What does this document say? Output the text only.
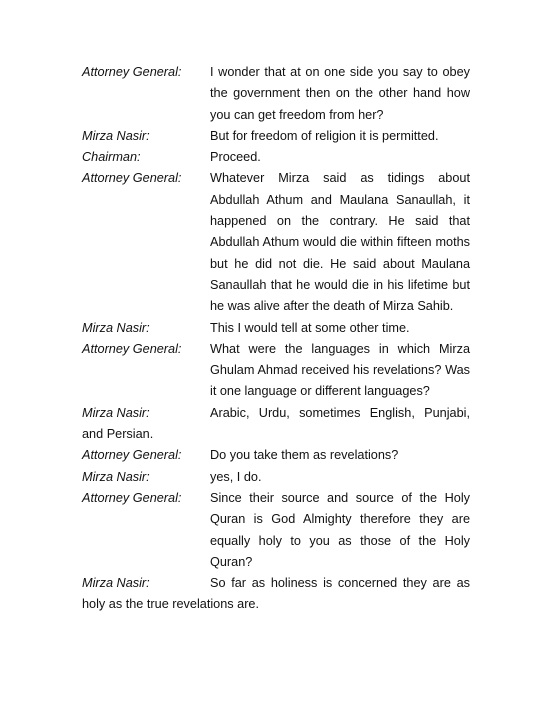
Attorney General: I wonder that at on one side you say to obey the government then on the other hand how you can get freedom from her?
Mirza Nasir:	But for freedom of religion it is permitted.
Chairman:	Proceed.
Attorney General: Whatever Mirza said as tidings about Abdullah Athum and Maulana Sanaullah, it happened on the contrary. He said that Abdullah Athum would die within fifteen moths but he did not die. He said about Maulana Sanaullah that he would die in his lifetime but he was alive after the death of Mirza Sahib.
Mirza Nasir:	This I would tell at some other time.
Attorney General: What were the languages in which Mirza Ghulam Ahmad received his revelations? Was it one language or different languages?
Mirza Nasir:	Arabic, Urdu, sometimes English, Punjabi,
and Persian.
Attorney General: Do you take them as revelations?
Mirza Nasir:	yes, I do.
Attorney General: Since their source and source of the Holy Quran is God Almighty therefore they are equally holy to you as those of the Holy Quran?
Mirza Nasir:	So far as holiness is concerned they are as
holy as the true revelations are.
